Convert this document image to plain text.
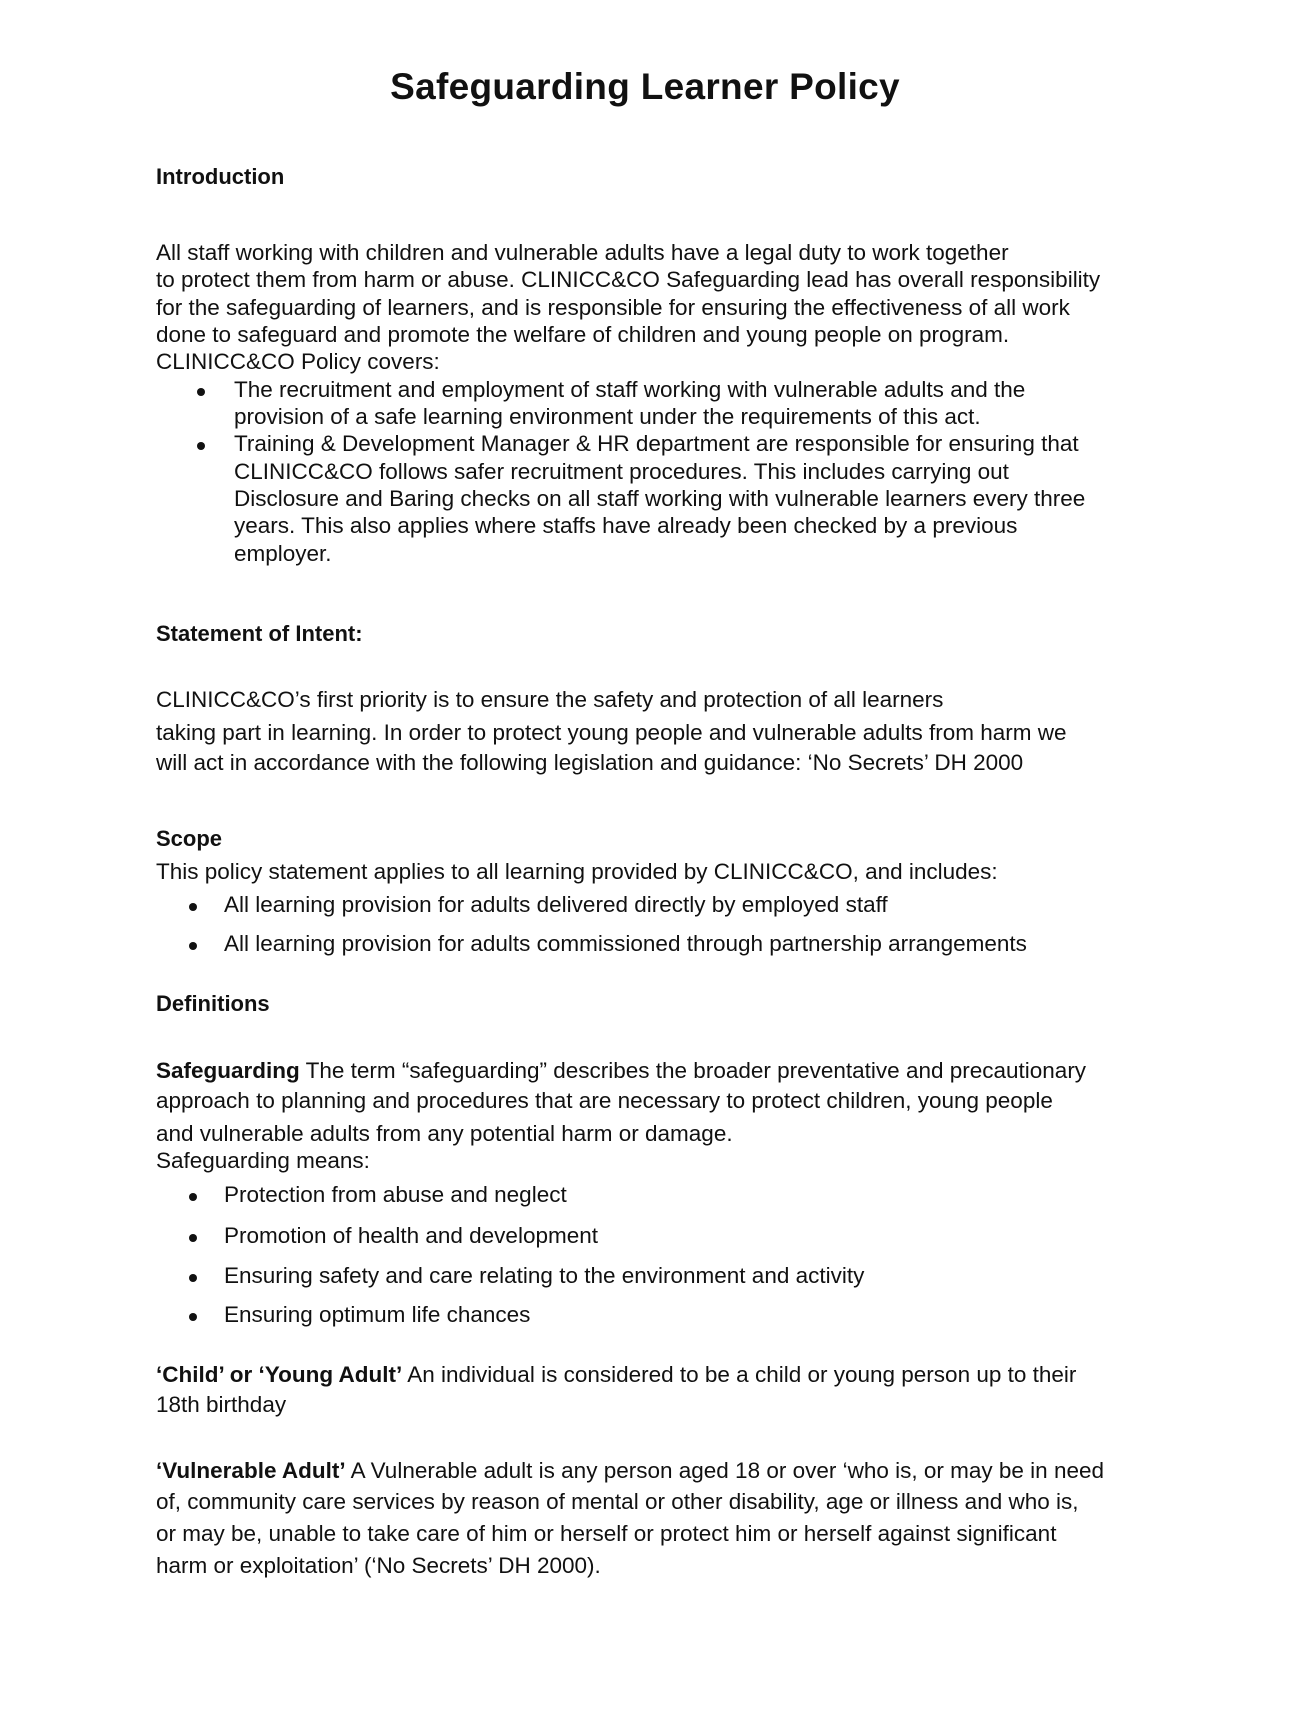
Safeguarding Learner Policy
Introduction
All staff working with children and vulnerable adults have a legal duty to work together
to protect them from harm or abuse. CLINICC&CO Safeguarding lead has overall responsibility
for the safeguarding of learners, and is responsible for ensuring the effectiveness of all work
done to safeguard and promote the welfare of children and young people on program.
CLINICC&CO Policy covers:
The recruitment and employment of staff working with vulnerable adults and the
provision of a safe learning environment under the requirements of this act.
Training & Development Manager & HR department are responsible for ensuring that
CLINICC&CO follows safer recruitment procedures. This includes carrying out
Disclosure and Baring checks on all staff working with vulnerable learners every three
years. This also applies where staffs have already been checked by a previous
employer.
Statement of Intent:
CLINICC&CO’s first priority is to ensure the safety and protection of all learners
taking part in learning. In order to protect young people and vulnerable adults from harm we
will act in accordance with the following legislation and guidance: ‘No Secrets’ DH 2000
Scope
This policy statement applies to all learning provided by CLINICC&CO, and includes:
All learning provision for adults delivered directly by employed staff
All learning provision for adults commissioned through partnership arrangements
Definitions
Safeguarding The term “safeguarding” describes the broader preventative and precautionary
approach to planning and procedures that are necessary to protect children, young people
and vulnerable adults from any potential harm or damage.
Safeguarding means:
Protection from abuse and neglect
Promotion of health and development
Ensuring safety and care relating to the environment and activity
Ensuring optimum life chances
‘Child’ or ‘Young Adult’ An individual is considered to be a child or young person up to their
18th birthday
‘Vulnerable Adult’ A Vulnerable adult is any person aged 18 or over ‘who is, or may be in need
of, community care services by reason of mental or other disability, age or illness and who is,
or may be, unable to take care of him or herself or protect him or herself against significant
harm or exploitation’ (‘No Secrets’ DH 2000).
